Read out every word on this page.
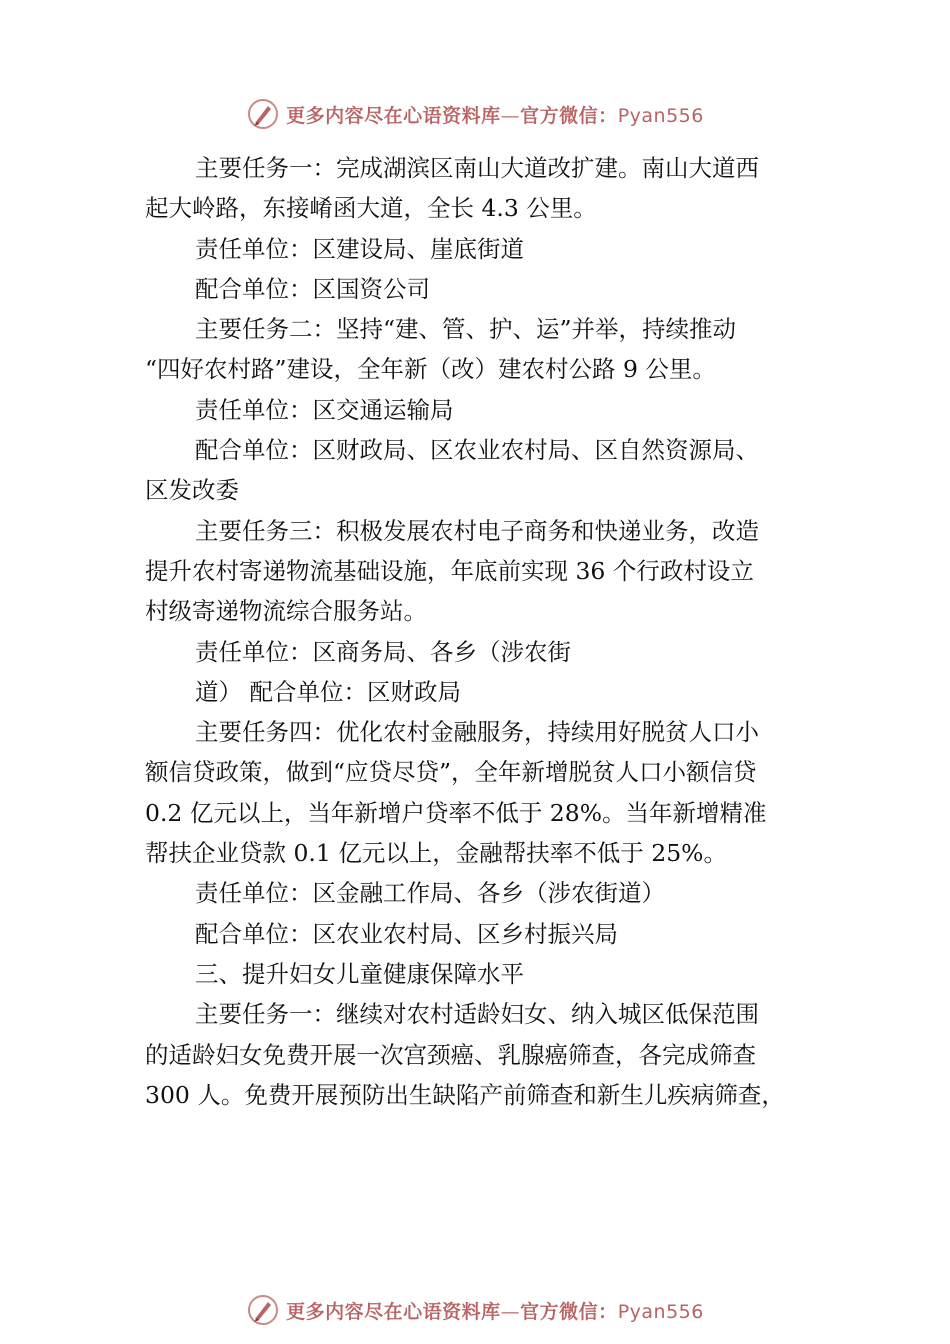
更多内容尽在心语资料库—官方微信：Pyan556
主要任务一：完成湖滨区南山大道改扩建。南山大道西
起大岭路，东接崤函大道，全长 4.3 公里。
责任单位：区建设局、崖底街道
配合单位：区国资公司
主要任务二：坚持“建、管、护、运”并举，持续推动
“四好农村路”建设，全年新（改）建农村公路 9 公里。
责任单位：区交通运输局
配合单位：区财政局、区农业农村局、区自然资源局、
区发改委
主要任务三：积极发展农村电子商务和快递业务，改造
提升农村寄递物流基础设施，年底前实现 36 个行政村设立
村级寄递物流综合服务站。
责任单位：区商务局、各乡（涉农街
道） 配合单位：区财政局
主要任务四：优化农村金融服务，持续用好脱贫人口小
额信贷政策，做到“应贷尽贷”，全年新增脱贫人口小额信贷
0.2 亿元以上，当年新增户贷率不低于 28%。当年新增精准
帮扶企业贷款 0.1 亿元以上，金融帮扶率不低于 25%。
责任单位：区金融工作局、各乡（涉农街道）
配合单位：区农业农村局、区乡村振兴局
三、提升妇女儿童健康保障水平
主要任务一：继续对农村适龄妇女、纳入城区低保范围
的适龄妇女免费开展一次宫颈癌、乳腺癌筛查，各完成筛查
300 人。免费开展预防出生缺陷产前筛查和新生儿疾病筛查，
更多内容尽在心语资料库—官方微信：Pyan556
